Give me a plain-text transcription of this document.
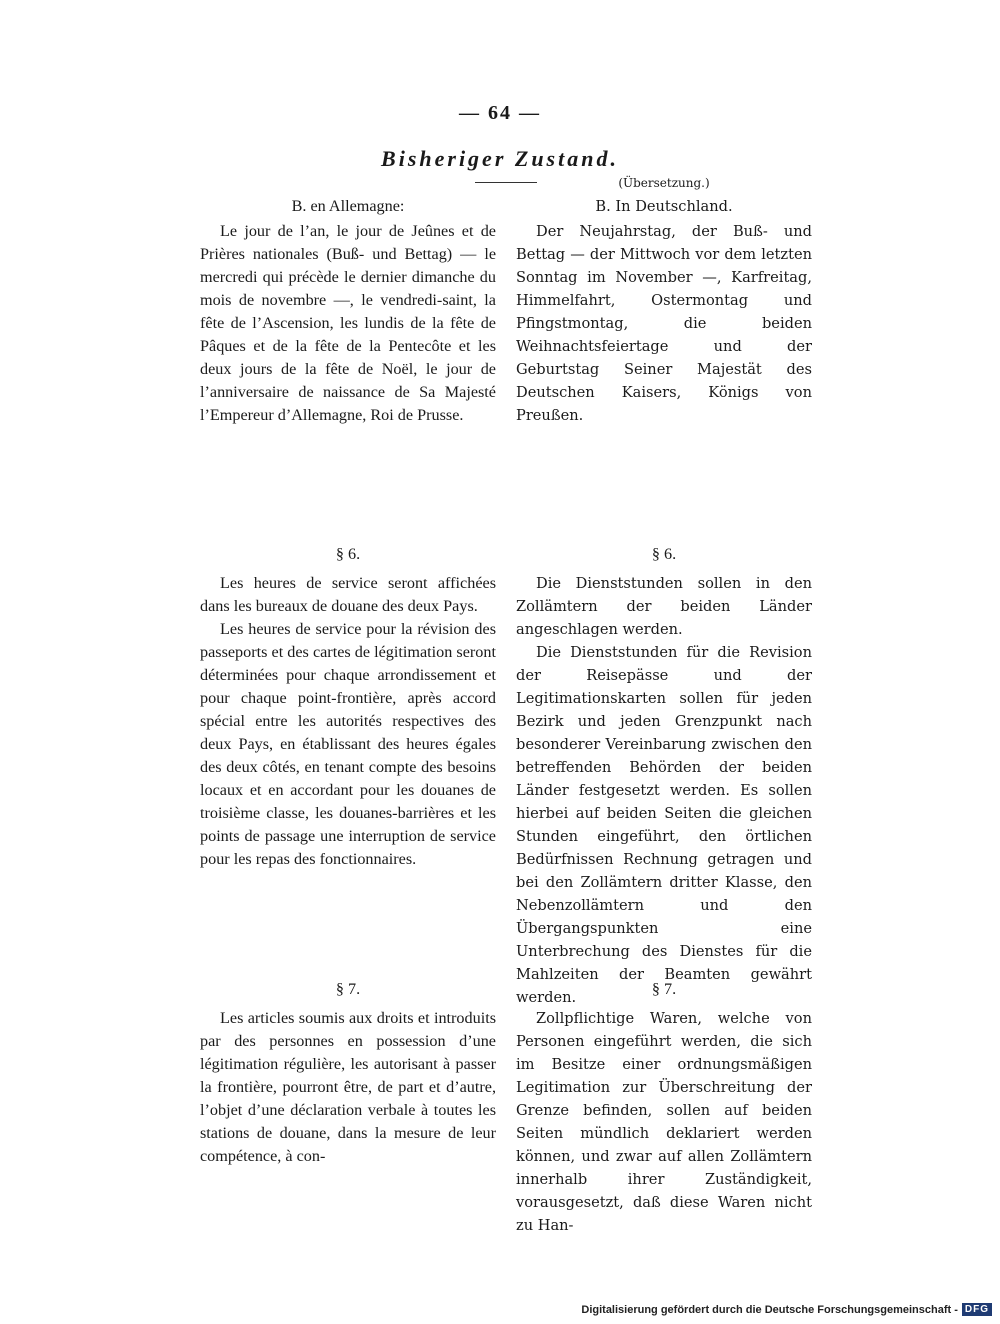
— 64 —
Bisheriger Zustand.
B. en Allemagne:
Le jour de l’an, le jour de Jeûnes et de Prières nationales (Buß- und Bettag) — le mercredi qui précède le dernier dimanche du mois de novembre —, le vendredi-saint, la fête de l’Ascension, les lundis de la fête de Pâques et de la fête de la Pentecôte et les deux jours de la fête de Noël, le jour de l’anniversaire de naissance de Sa Majesté l’Empereur d’Allemagne, Roi de Prusse.
(Übersetzung.)
B. In Deutschland.
Der Neujahrstag, der Buß- und Bettag — der Mittwoch vor dem letzten Sonntag im November —, Karfreitag, Himmelfahrt, Ostermontag und Pfingstmontag, die beiden Weihnachtsfeiertage und der Geburtstag Seiner Majestät des Deutschen Kaisers, Königs von Preußen.
§ 6.
Les heures de service seront affichées dans les bureaux de douane des deux Pays.
Les heures de service pour la révision des passeports et des cartes de légitimation seront déterminées pour chaque arrondissement et pour chaque point-frontière, après accord spécial entre les autorités respectives des deux Pays, en établissant des heures égales des deux côtés, en tenant compte des besoins locaux et en accordant pour les douanes de troisième classe, les douanes-barrières et les points de passage une interruption de service pour les repas des fonctionnaires.
§ 6.
Die Dienststunden sollen in den Zollämtern der beiden Länder angeschlagen werden.
Die Dienststunden für die Revision der Reisepässe und der Legitimationskarten sollen für jeden Bezirk und jeden Grenzpunkt nach besonderer Vereinbarung zwischen den betreffenden Behörden der beiden Länder festgesetzt werden. Es sollen hierbei auf beiden Seiten die gleichen Stunden eingeführt, den örtlichen Bedürfnissen Rechnung getragen und bei den Zollämtern dritter Klasse, den Nebenzollämtern und den Übergangspunkten eine Unterbrechung des Dienstes für die Mahlzeiten der Beamten gewährt werden.
§ 7.
Les articles soumis aux droits et introduits par des personnes en possession d’une légitimation régulière, les autorisant à passer la frontière, pourront être, de part et d’autre, l’objet d’une déclaration verbale à toutes les stations de douane, dans la mesure de leur compétence, à con-
§ 7.
Zollpflichtige Waren, welche von Personen eingeführt werden, die sich im Besitze einer ordnungsmäßigen Legitimation zur Überschreitung der Grenze befinden, sollen auf beiden Seiten mündlich deklariert werden können, und zwar auf allen Zollämtern innerhalb ihrer Zuständigkeit, vorausgesetzt, daß diese Waren nicht zu Han-
Digitalisierung gefördert durch die Deutsche Forschungsgemeinschaft - DFG
